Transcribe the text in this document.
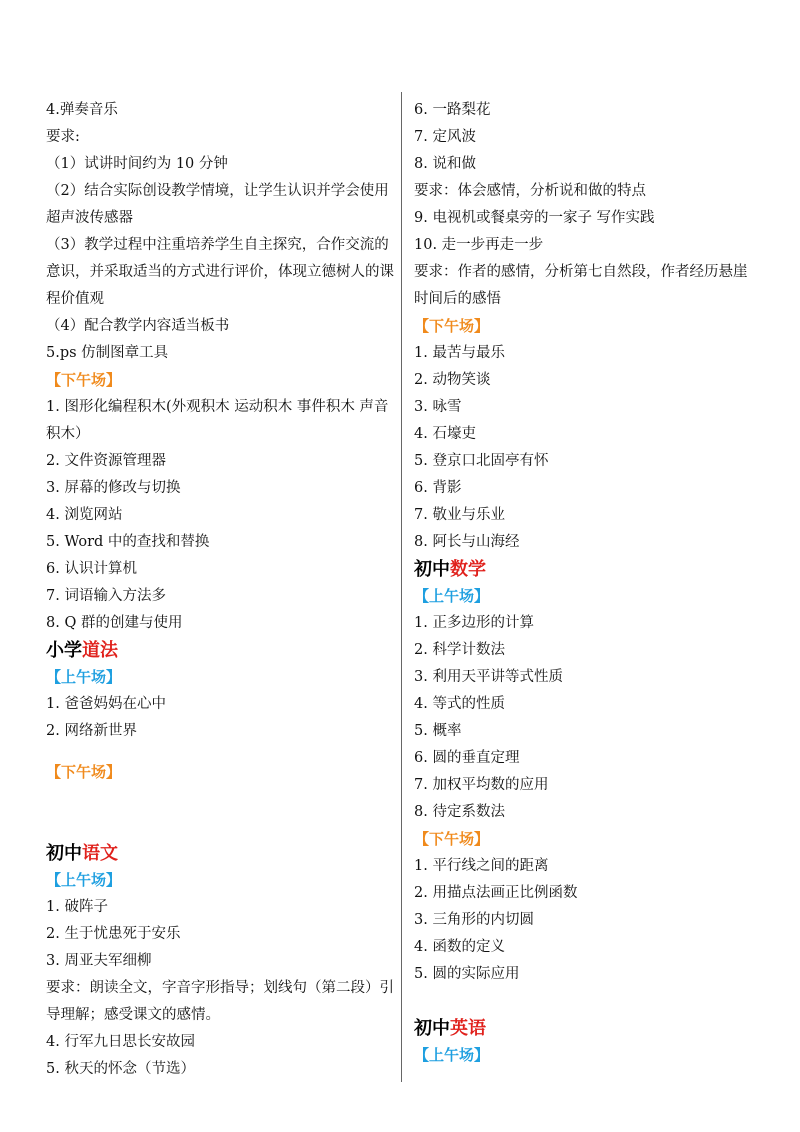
4.弹奏音乐
要求:
（1）试讲时间约为 10 分钟
（2）结合实际创设教学情境，让学生认识并学会使用超声波传感器
（3）教学过程中注重培养学生自主探究，合作交流的意识，并采取适当的方式进行评价，体现立德树人的课程价值观
（4）配合教学内容适当板书
5.ps 仿制图章工具
【下午场】
1. 图形化编程积木(外观积木 运动积木 事件积木 声音积木）
2. 文件资源管理器
3. 屏幕的修改与切换
4. 浏览网站
5. Word 中的查找和替换
6. 认识计算机
7. 词语输入方法多
8. Q 群的创建与使用
小学道法
【上午场】
1. 爸爸妈妈在心中
2. 网络新世界
【下午场】
初中语文
【上午场】
1. 破阵子
2. 生于忧患死于安乐
3. 周亚夫军细柳
要求：朗读全文，字音字形指导；划线句（第二段）引导理解；感受课文的感情。
4. 行军九日思长安故园
5. 秋天的怀念（节选）
6. 一路梨花
7. 定风波
8. 说和做
要求：体会感情，分析说和做的特点
9. 电视机或餐桌旁的一家子 写作实践
10. 走一步再走一步
要求：作者的感情，分析第七自然段，作者经历悬崖时间后的感悟
【下午场】
1. 最苦与最乐
2. 动物笑谈
3. 咏雪
4. 石壕吏
5. 登京口北固亭有怀
6. 背影
7. 敬业与乐业
8. 阿长与山海经
初中数学
【上午场】
1. 正多边形的计算
2. 科学计数法
3. 利用天平讲等式性质
4. 等式的性质
5. 概率
6. 圆的垂直定理
7. 加权平均数的应用
8. 待定系数法
【下午场】
1. 平行线之间的距离
2. 用描点法画正比例函数
3. 三角形的内切圆
4. 函数的定义
5. 圆的实际应用
初中英语
【上午场】
